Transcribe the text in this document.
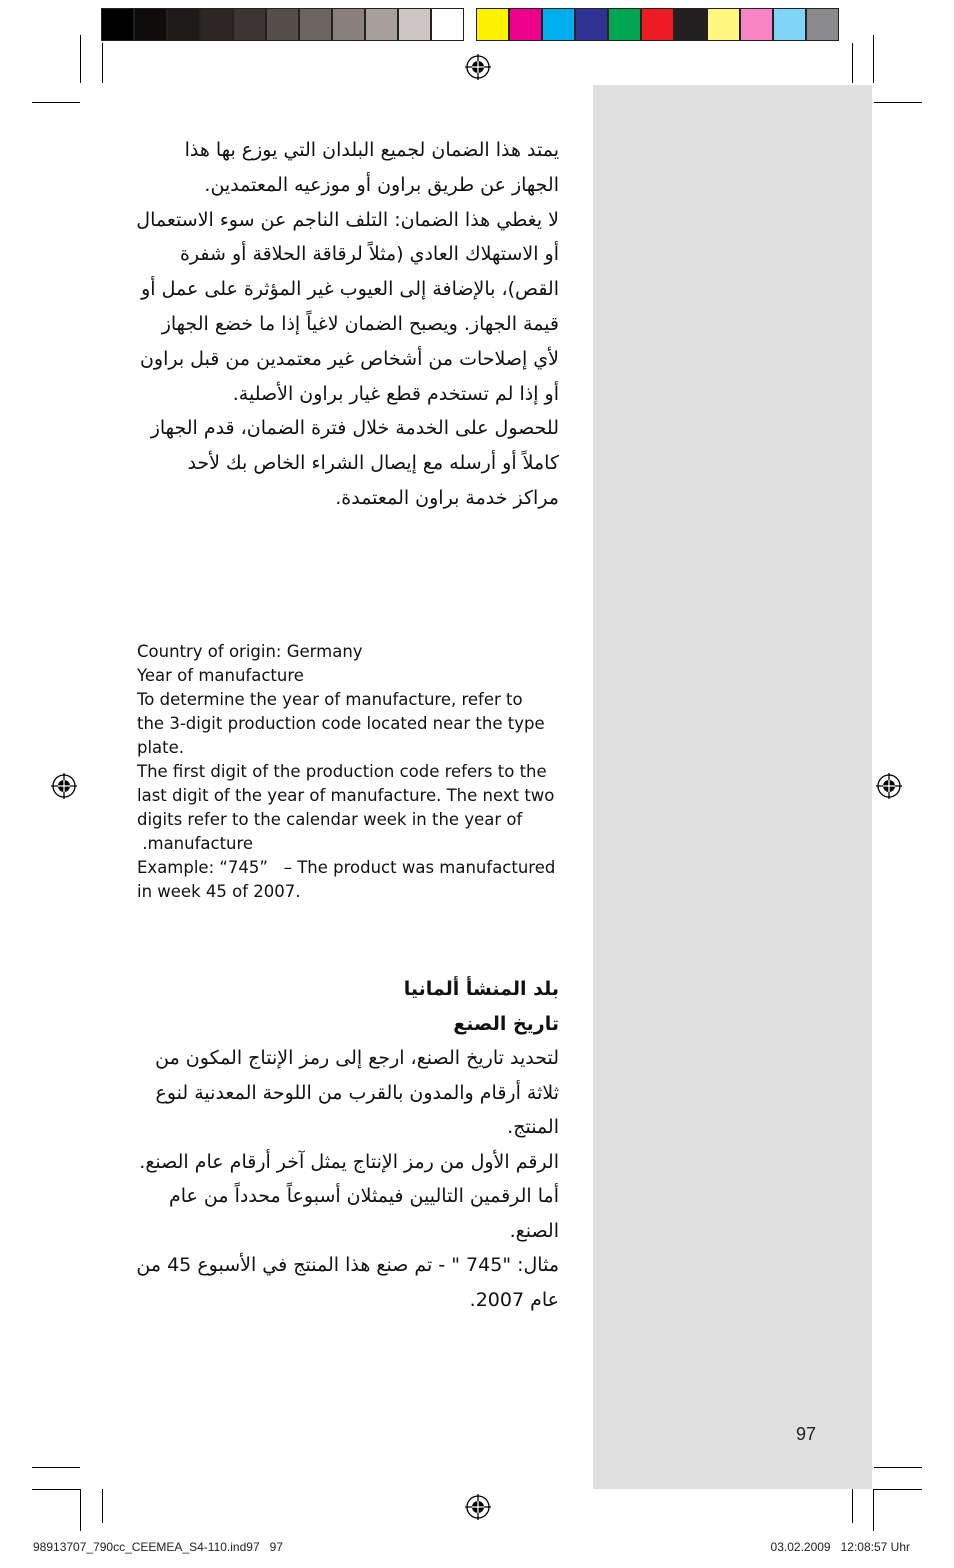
يمتد هذا الضمان لجميع البلدان التي يوزع بها هذا

الجهاز عن طريق براون أو موزعيه المعتمدين.

لا يغطي هذا الضمان: التلف الناجم عن سوء الاستعمال

أو الاستهلاك العادي (مثلاً لرقاقة الحلاقة أو شفرة

القص)، بالإضافة إلى العيوب غير المؤثرة على عمل أو

قيمة الجهاز. ويصبح الضمان لاغياً إذا ما خضع الجهاز

لأي إصلاحات من أشخاص غير معتمدين من قبل براون

أو إذا لم تستخدم قطع غيار براون الأصلية.

للحصول على الخدمة خلال فترة الضمان، قدم الجهاز

كاملاً أو أرسله مع إيصال الشراء الخاص بك لأحد

مراكز خدمة براون المعتمدة.

Country of origin: Germany

Year of manufacture

To determine the year of manufacture, refer to

the 3-digit production code located near the type

plate.

The first digit of the production code refers to the

last digit of the year of manufacture. The next two

digits refer to the calendar week in the year of

.manufacture

Example: “745”   – The product was manufactured

in week 45 of 2007.

بلد المنشأ ألمانيا

تاريخ الصنع

لتحديد تاريخ الصنع، ارجع إلى رمز الإنتاج المكون من

ثلاثة أرقام والمدون بالقرب من اللوحة المعدنية لنوع المنتج.

الرقم الأول من رمز الإنتاج يمثل آخر أرقام عام الصنع.

أما الرقمين التاليين فيمثلان أسبوعاً محدداً من عام

الصنع.

مثال: "745 " - تم صنع هذا المنتج في الأسبوع 45 من

عام 2007.

97
98913707_790cc_CEEMEA_S4-110.ind97   97	03.02.2009   12:08:57 Uhr
